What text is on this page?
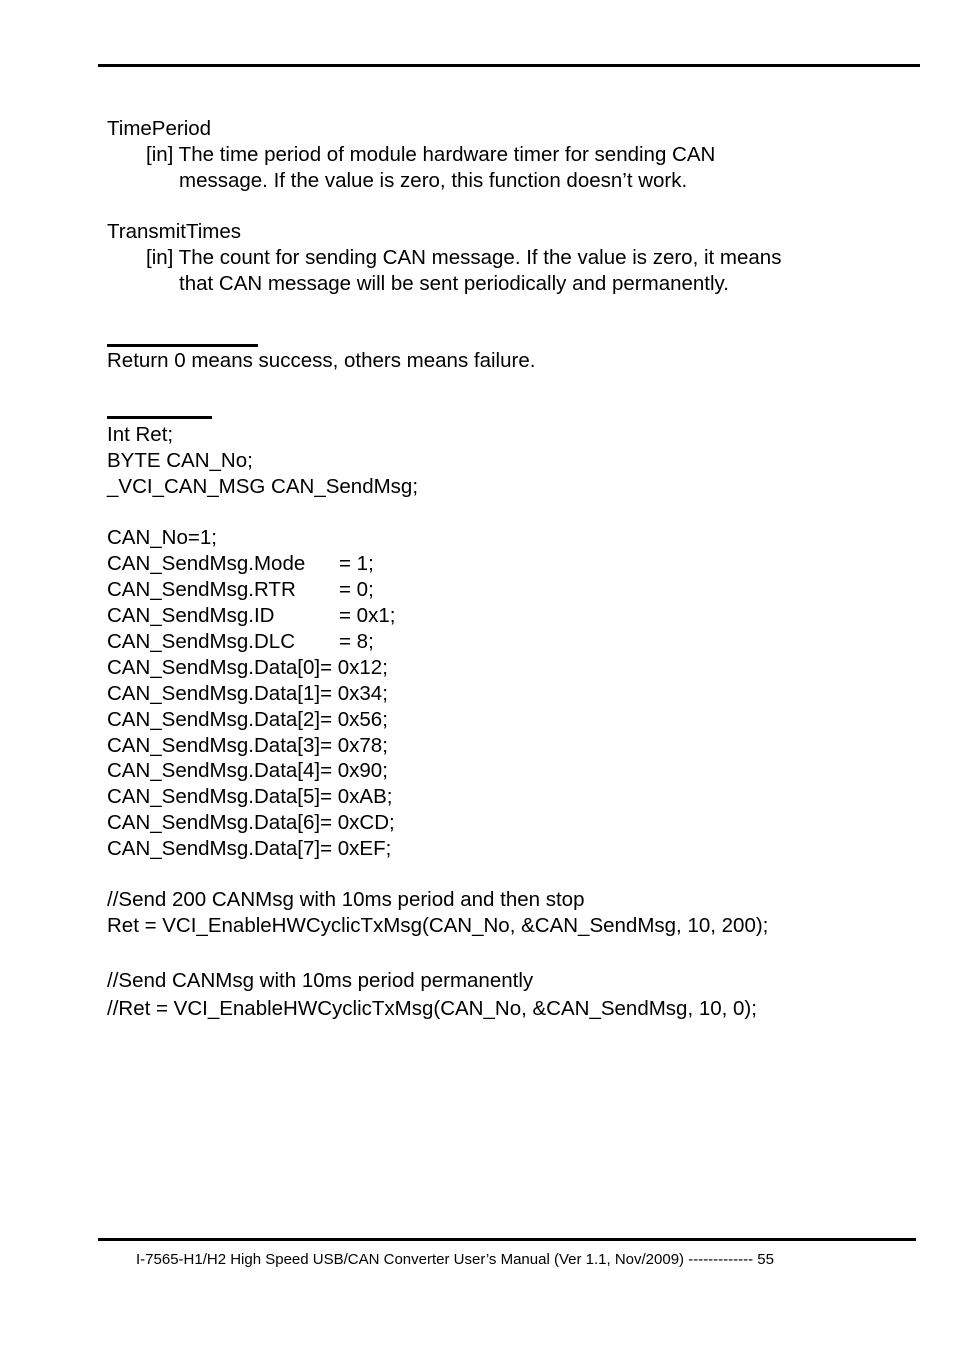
TimePeriod
[in] The time period of module hardware timer for sending CAN
message. If the value is zero, this function doesn’t work.
TransmitTimes
[in] The count for sending CAN message. If the value is zero, it means
that CAN message will be sent periodically and permanently.
Return 0 means success, others means failure.
Int Ret;
BYTE CAN_No;
_VCI_CAN_MSG CAN_SendMsg;
CAN_No=1;
CAN_SendMsg.Mode = 1;
CAN_SendMsg.RTR = 0;
CAN_SendMsg.ID	= 0x1;
CAN_SendMsg.DLC = 8;
CAN_SendMsg.Data[0]= 0x12;
CAN_SendMsg.Data[1]= 0x34;
CAN_SendMsg.Data[2]= 0x56;
CAN_SendMsg.Data[3]= 0x78;
CAN_SendMsg.Data[4]= 0x90;
CAN_SendMsg.Data[5]= 0xAB;
CAN_SendMsg.Data[6]= 0xCD;
CAN_SendMsg.Data[7]= 0xEF;
//Send 200 CANMsg with 10ms period and then stop
Ret = VCI_EnableHWCyclicTxMsg(CAN_No, &CAN_SendMsg, 10, 200);
//Send CANMsg with 10ms period permanently
//Ret = VCI_EnableHWCyclicTxMsg(CAN_No, &CAN_SendMsg, 10, 0);
I-7565-H1/H2 High Speed USB/CAN Converter User’s Manual (Ver 1.1, Nov/2009) ------------- 55
